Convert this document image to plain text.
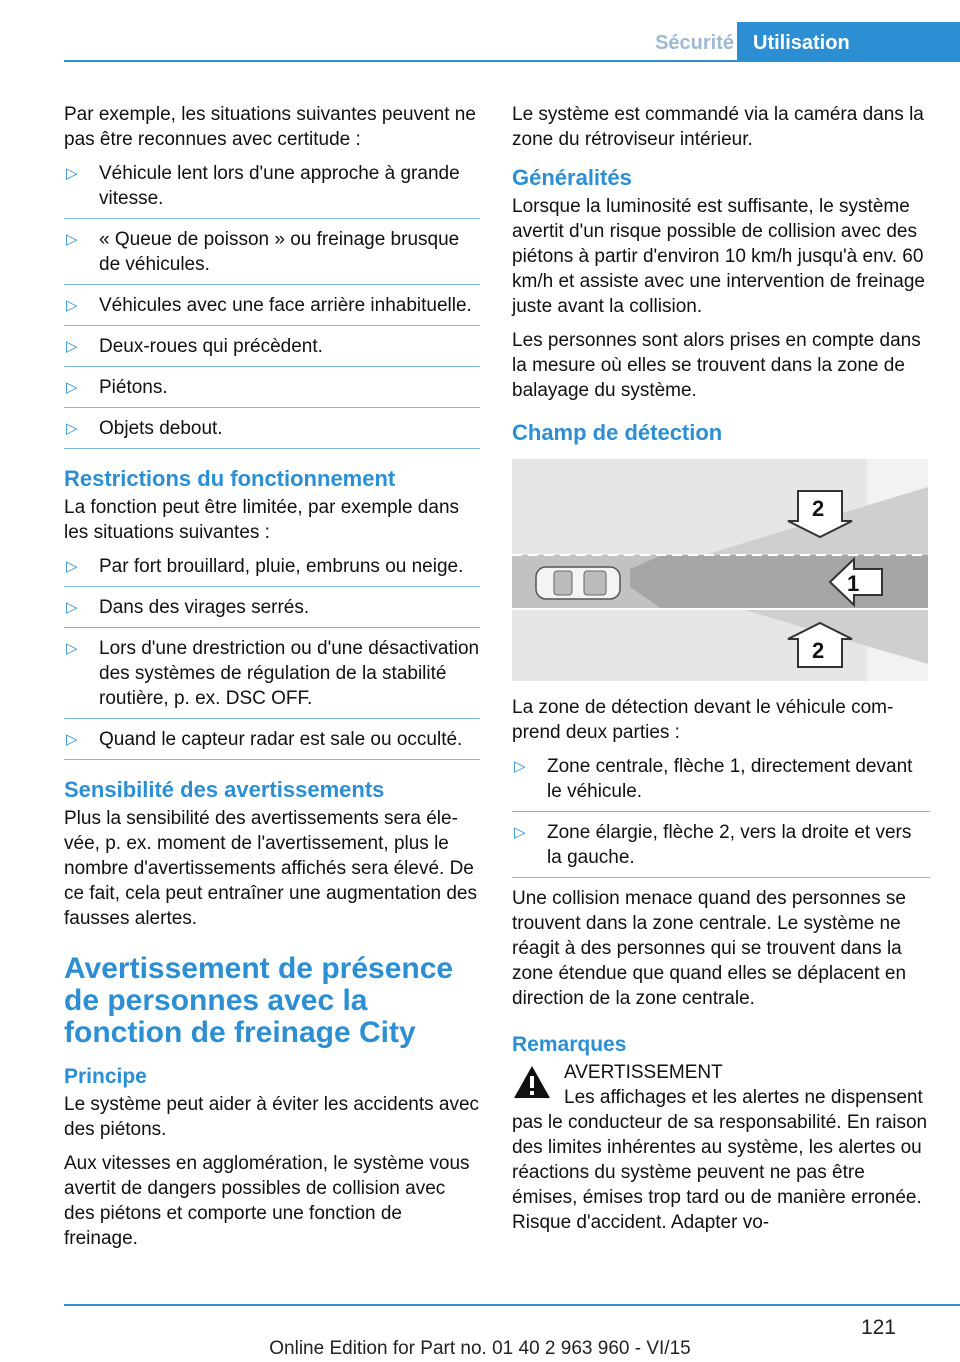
Sécurité Utilisation

Par exemple, les situations suivantes peuvent ne pas être reconnues avec certitude :

▷ Véhicule lent lors d'une approche à grande vitesse.
▷ « Queue de poisson » ou freinage brusque de véhicules.
▷ Véhicules avec une face arrière inhabituelle.
▷ Deux-roues qui précèdent.
▷ Piétons.
▷ Objets debout.
Restrictions du fonctionnement

La fonction peut être limitée, par exemple dans les situations suivantes :

▷ Par fort brouillard, pluie, embruns ou neige.
▷ Dans des virages serrés.
▷ Lors d'une drestriction ou d'une désactivation des systèmes de régulation de la stabilité routière, p. ex. DSC OFF.
▷ Quand le capteur radar est sale ou occulté.
Sensibilité des avertissements

Plus la sensibilité des avertissements sera élevée, p. ex. moment de l'avertissement, plus le nombre d'avertissements affichés sera élevé. De ce fait, cela peut entraîner une augmentation des fausses alertes.

Avertissement de présence de personnes avec la fonction de freinage City
Principe

Le système peut aider à éviter les accidents avec des piétons.

Aux vitesses en agglomération, le système vous avertit de dangers possibles de collision avec des piétons et comporte une fonction de freinage.

Le système est commandé via la caméra dans la zone du rétroviseur intérieur.

Généralités

Lorsque la luminosité est suffisante, le système avertit d'un risque possible de collision avec des piétons à partir d'environ 10 km/h jusqu'à env. 60 km/h et assiste avec une intervention de freinage juste avant la collision.

Les personnes sont alors prises en compte dans la mesure où elles se trouvent dans la zone de balayage du système.

Champ de détection
1
2
2

La zone de détection devant le véhicule comprend deux parties :

▷ Zone centrale, flèche 1, directement devant le véhicule.
▷ Zone élargie, flèche 2, vers la droite et vers la gauche.

Une collision menace quand des personnes se trouvent dans la zone centrale. Le système ne réagit à des personnes qui se trouvent dans la zone étendue que quand elles se déplacent en direction de la zone centrale.

Remarques
AVERTISSEMENT

Les affichages et les alertes ne dispensent pas le conducteur de sa responsabilité. En raison des limites inhérentes au système, les alertes ou réactions du système peuvent ne pas être émises, émises trop tard ou de manière erronée. Risque d'accident. Adapter vo-

121
Online Edition for Part no. 01 40 2 963 960 - VI/15
